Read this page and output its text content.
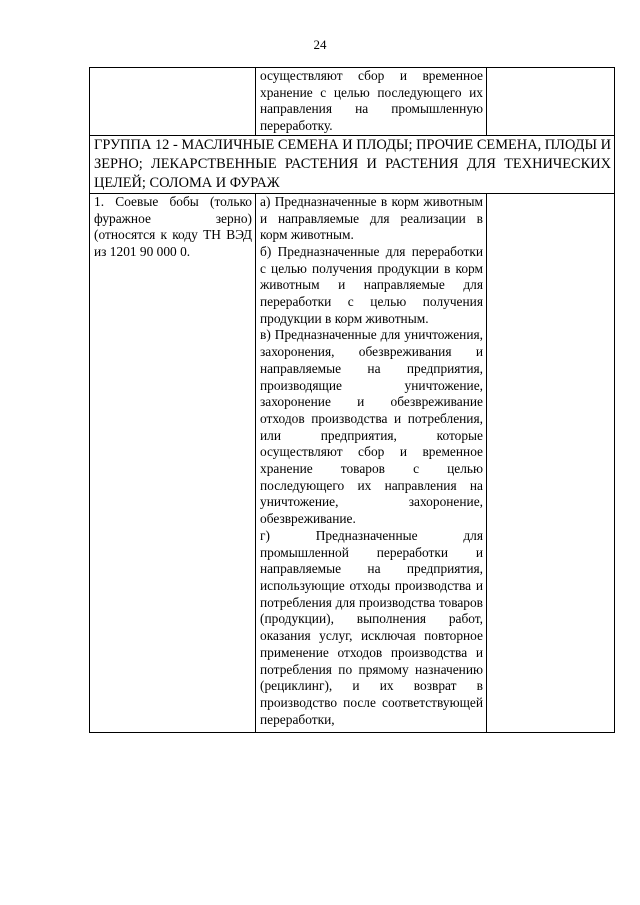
24
	осуществляют сбор и временное хранение с целью последующего их направления на промышленную переработку.	
ГРУППА 12 - МАСЛИЧНЫЕ СЕМЕНА И ПЛОДЫ; ПРОЧИЕ СЕМЕНА, ПЛОДЫ И ЗЕРНО; ЛЕКАРСТВЕННЫЕ РАСТЕНИЯ И РАСТЕНИЯ ДЛЯ ТЕХНИЧЕСКИХ ЦЕЛЕЙ; СОЛОМА И ФУРАЖ		

1. Соевые бобы (только фуражное зерно) (относятся к коду ТН ВЭД из 1201 90 000 0.	а) Предназначенные в корм животным и направляемые для реализации в корм животным.

б) Предназначенные для переработки с целью получения продукции в корм животным и направляемые для переработки с целью получения продукции в корм животным.

в) Предназначенные для уничтожения, захоронения, обезвреживания и направляемые на предприятия, производящие уничтожение, захоронение и обезвреживание отходов производства и потребления, или предприятия, которые осуществляют сбор и временное хранение товаров с целью последующего их направления на уничтожение, захоронение, обезвреживание.

г) Предназначенные для промышленной переработки и направляемые на предприятия, использующие отходы производства и потребления для производства товаров (продукции), выполнения работ, оказания услуг, исключая повторное применение отходов производства и потребления по прямому назначению (рециклинг), и их возврат в производство после соответствующей переработки,	
